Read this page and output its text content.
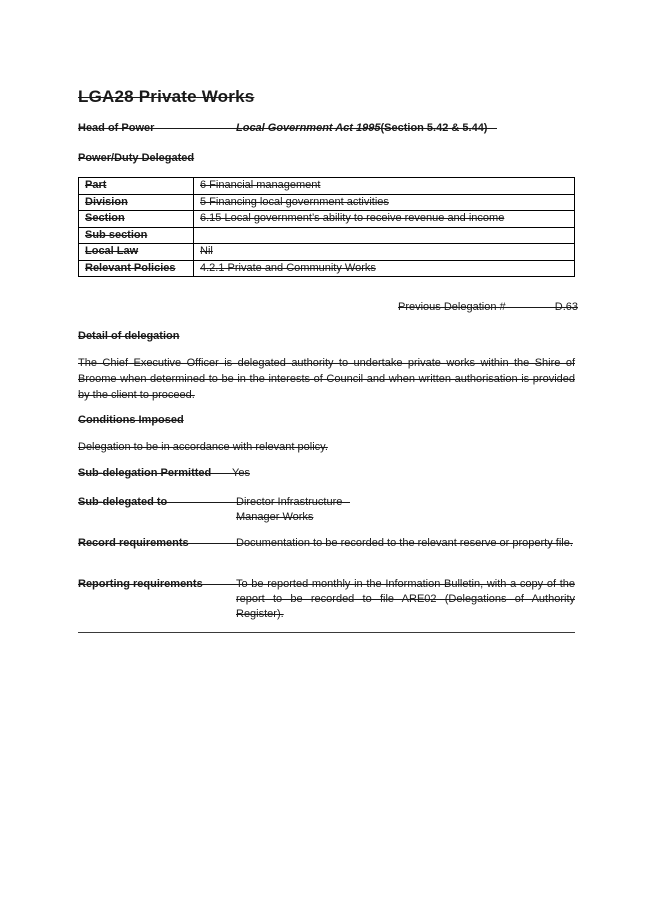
LGA28 Private Works
Head of Power	Local Government Act 1995 (Section 5.42 & 5.44)
Power/Duty Delegated
Part	6 Financial management
Division	5 Financing local government activities
Section	6.15 Local government’s ability to receive revenue and income
Sub section	
Local Law	Nil
Relevant Policies	4.2.1 Private and Community Works
Previous Delegation #	D.63
Detail of delegation
The Chief Executive Officer is delegated authority to undertake private works within the Shire of Broome when determined to be in the interests of Council and when written authorisation is provided by the client to proceed.
Conditions Imposed
Delegation to be in accordance with relevant policy.
Sub-delegation Permitted Yes
Sub-delegated to	Director Infrastructure
Manager Works
Record requirements	Documentation to be recorded to the relevant reserve or property file.
Reporting requirements	To be reported monthly in the Information Bulletin, with a copy of the report to be recorded to file ARE02 (Delegations of Authority Register).
